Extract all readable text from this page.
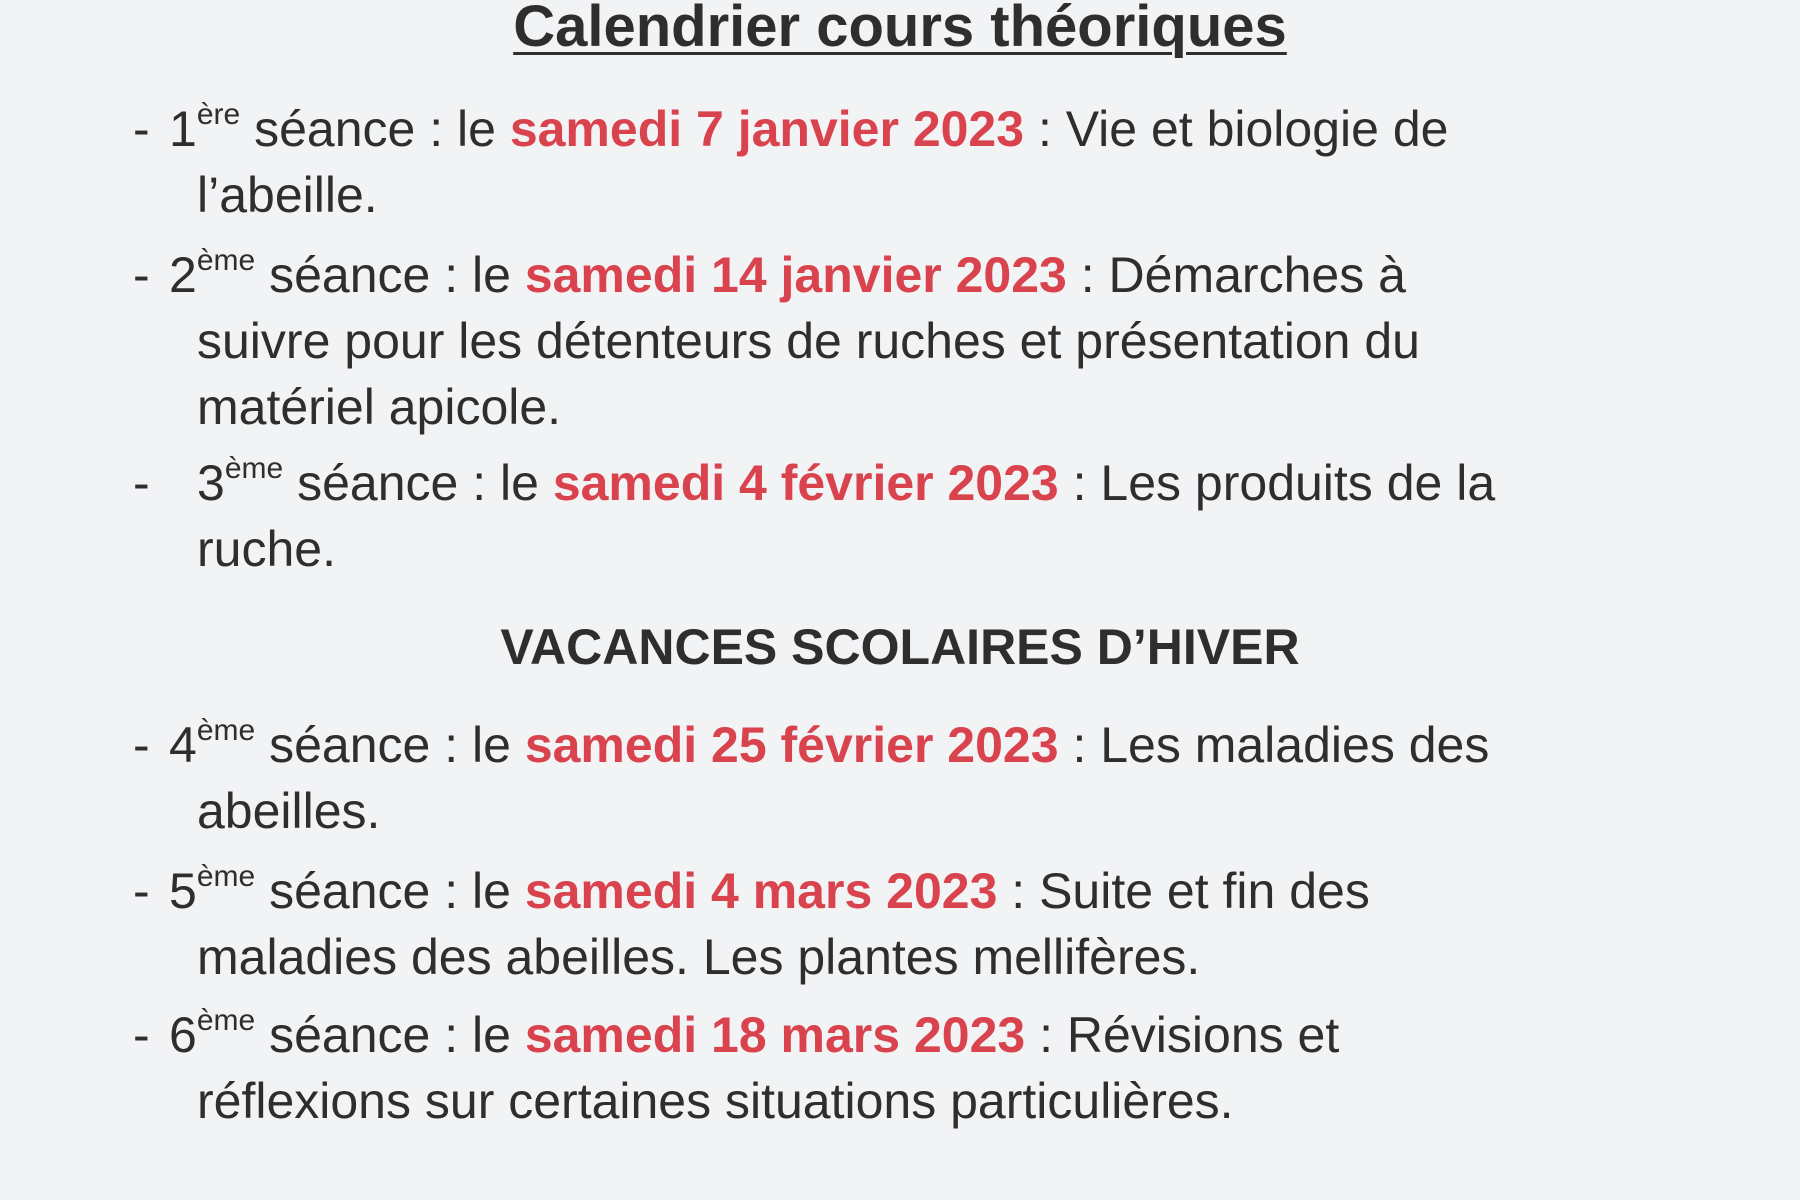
Calendrier cours théoriques
- 1ère séance : le samedi 7 janvier 2023 : Vie et biologie de
l’abeille.
- 2ème séance : le samedi 14 janvier 2023 : Démarches à
suivre pour les détenteurs de ruches et présentation du matériel apicole.
- 3ème séance : le samedi 4 février 2023 : Les produits de la
ruche.
VACANCES SCOLAIRES D’HIVER
- 4ème séance : le samedi 25 février 2023 : Les maladies des
abeilles.
- 5ème séance : le samedi 4 mars 2023 : Suite et fin des
maladies des abeilles. Les plantes mellifères.
- 6ème séance : le samedi 18 mars 2023 : Révisions et
réflexions sur certaines situations particulières.
